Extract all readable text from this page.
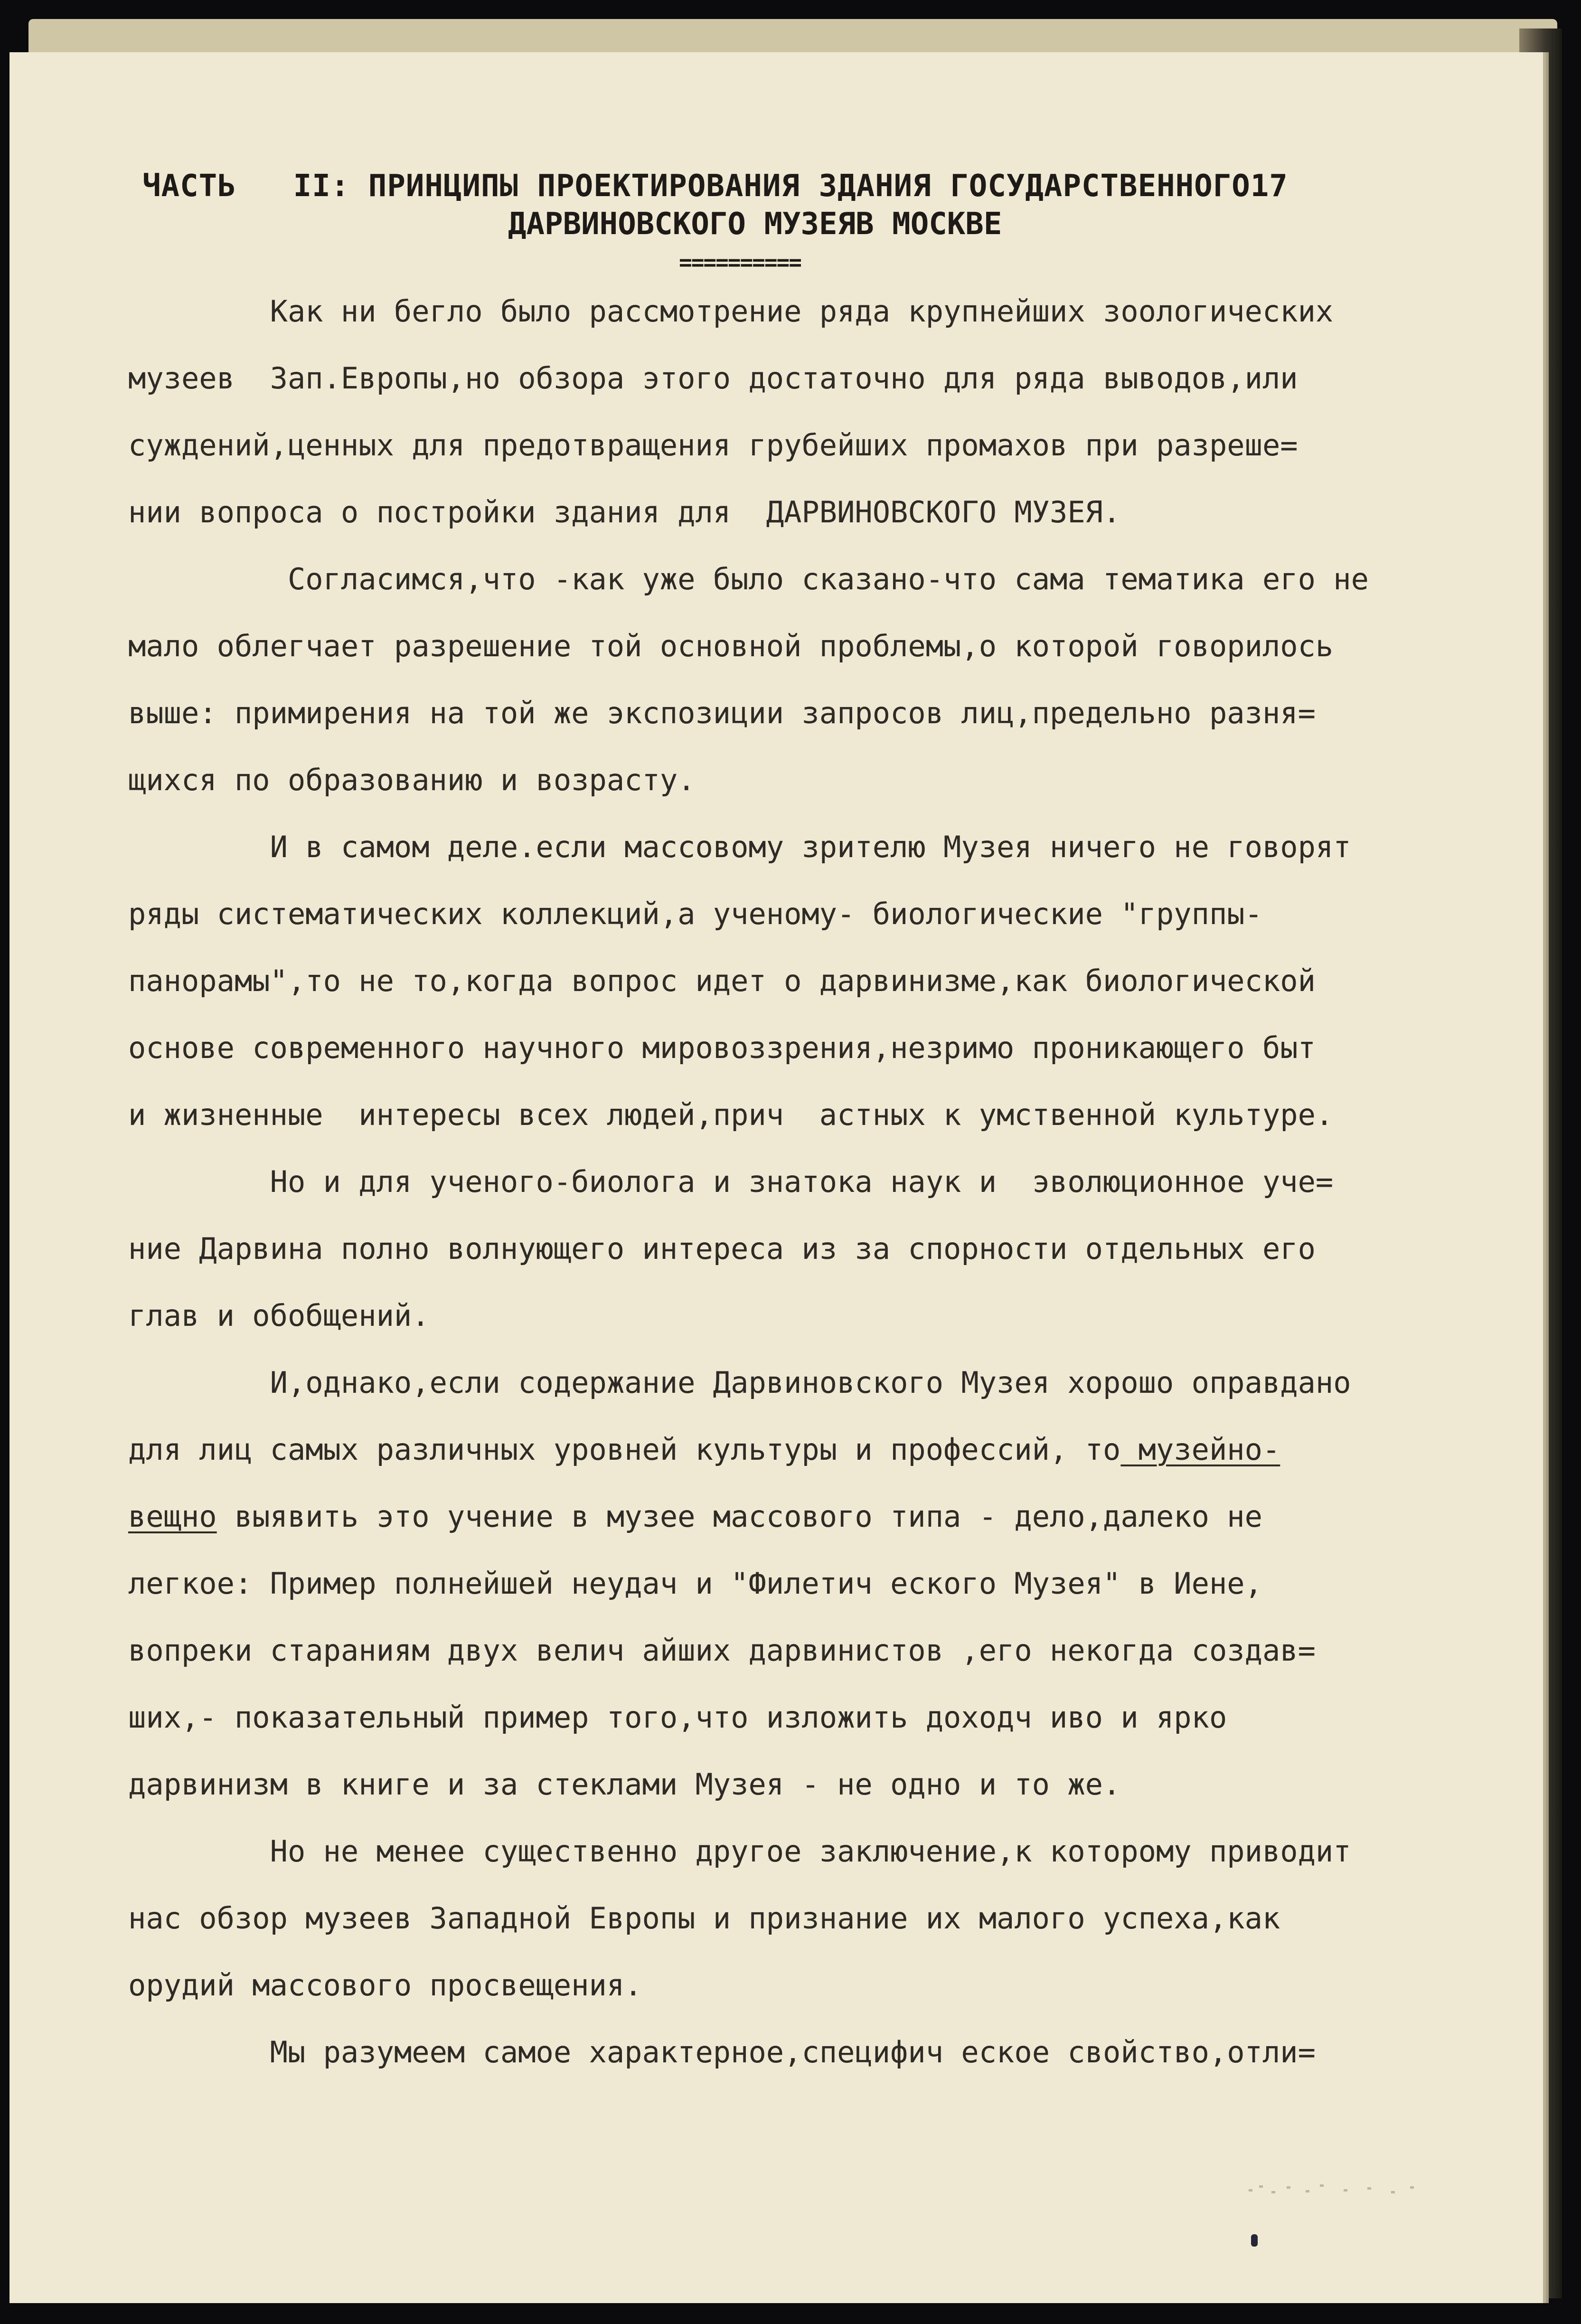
ЧАСТЬ II: ПРИНЦИПЫ ПРОЕКТИРОВАНИЯ ЗДАНИЯ ГОСУДАРСТВЕННОГО17
ДАРВИНОВСКОГО МУЗЕЯВ МОСКВЕ
==========

Как ни бегло было рассмотрение ряда крупнейших зоологических
музеев  Зап.Европы,но обзора этого достаточно для ряда выводов,или
суждений,ценных для предотвращения грубейших промахов при разреше=
нии вопроса о постройки здания для  ДАРВИНОВСКОГО МУЗЕЯ.

Согласимся,что -как уже было сказано-что сама тематика его не
мало облегчает разрешение той основной проблемы,о которой говорилось
выше: примирения на той же экспозиции запросов лиц,предельно разня=
щихся по образованию и возрасту.

И в самом деле.если массовому зрителю Музея ничего не говорят
ряды систематических коллекций,а ученому- биологические "группы-
панорамы",то не то,когда вопрос идет о дарвинизме,как биологической
основе современного научного мировоззрения,незримо проникающего быт
и жизненные  интересы всех людей,прич  астных к умственной культуре.

Но и для ученого-биолога и знатока наук и  эволюционное уче=
ние Дарвина полно волнующего интереса из за спорности отдельных его
глав и обобщений.

И,однако,если содержание Дарвиновского Музея хорошо оправдано
для лиц самых различных уровней культуры и профессий, то музейно-
вещно выявить это учение в музее массового типа - дело,далеко не
легкое: Пример полнейшей неудач и "Филетич еского Музея" в Иене,
вопреки стараниям двух велич айших дарвинистов ,его некогда создав=
ших,- показательный пример того,что изложить доходч иво и ярко
дарвинизм в книге и за стеклами Музея - не одно и то же.

Но не менее существенно другое заключение,к которому приводит
нас обзор музеев Западной Европы и признание их малого успеха,как
орудий массового просвещения.

Мы разумеем самое характерное,специфич еское свойство,отли=
